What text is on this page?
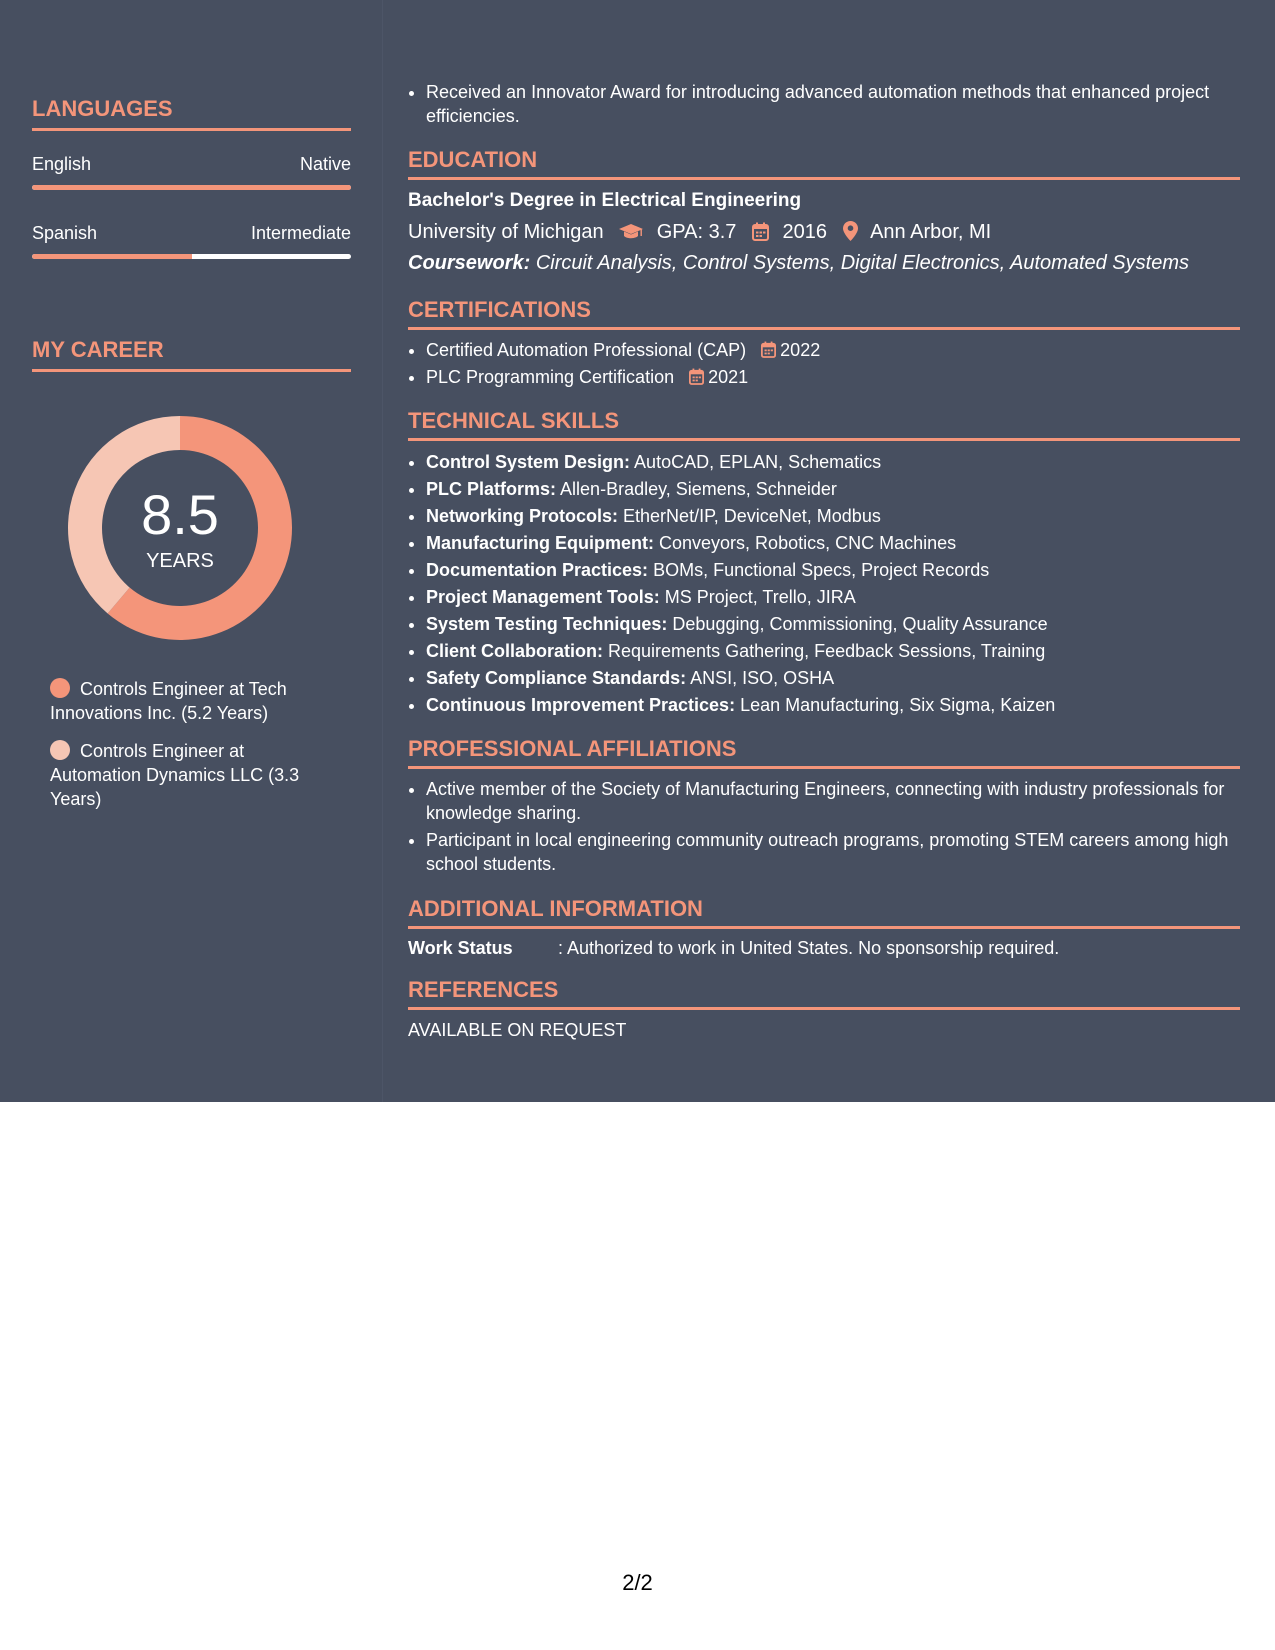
LANGUAGES
English	Native
Spanish	Intermediate
MY CAREER
8.5
YEARS
Controls Engineer at Tech Innovations Inc. (5.2 Years)
Controls Engineer at Automation Dynamics LLC (3.3 Years)
• Received an Innovator Award for introducing advanced automation methods that enhanced project efficiencies.
EDUCATION
Bachelor's Degree in Electrical Engineering
University of Michigan	GPA: 3.7 2016 Ann Arbor, MI
Coursework: Circuit Analysis, Control Systems, Digital Electronics, Automated Systems
CERTIFICATIONS
• Certified Automation Professional (CAP) 2022
• PLC Programming Certification 2021
TECHNICAL SKILLS
• Control System Design: AutoCAD, EPLAN, Schematics
• PLC Platforms: Allen-Bradley, Siemens, Schneider
• Networking Protocols: EtherNet/IP, DeviceNet, Modbus
• Manufacturing Equipment: Conveyors, Robotics, CNC Machines
• Documentation Practices: BOMs, Functional Specs, Project Records
• Project Management Tools: MS Project, Trello, JIRA
• System Testing Techniques: Debugging, Commissioning, Quality Assurance
• Client Collaboration: Requirements Gathering, Feedback Sessions, Training
• Safety Compliance Standards: ANSI, ISO, OSHA
• Continuous Improvement Practices: Lean Manufacturing, Six Sigma, Kaizen
PROFESSIONAL AFFILIATIONS
• Active member of the Society of Manufacturing Engineers, connecting with industry professionals for knowledge sharing.
• Participant in local engineering community outreach programs, promoting STEM careers among high school students.
ADDITIONAL INFORMATION
Work Status	: Authorized to work in United States. No sponsorship required.
REFERENCES
AVAILABLE ON REQUEST
2/2
